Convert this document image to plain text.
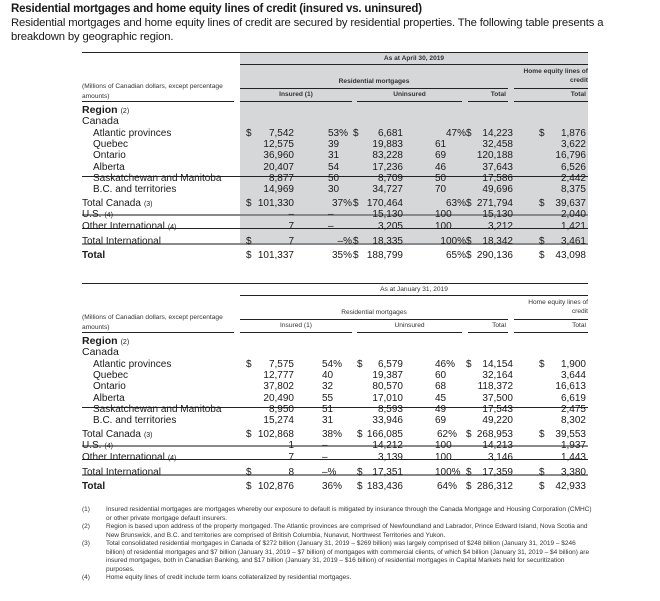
Residential mortgages and home equity lines of credit (insured vs. uninsured)
Residential mortgages and home equity lines of credit are secured by residential properties. The following table presents a breakdown by geographic region.
As at April 30, 2019
Residential mortgages
Home equity lines of credit
(Millions of Canadian dollars, except percentage amounts)	Insured (1)	Uninsured	Total	Total
Region (2)
Canada
Atlantic provinces	$	7,542	53% $	6,681	47% $	14,223	$	1,876
Quebec	12,575	39	19,883	61	32,458	3,622
Ontario	36,960	31	83,228	69	120,188	16,796
Alberta	20,407	54	17,236	46	37,643	6,526
Saskatchewan and Manitoba	8,877	50	8,709	50	17,586	2,442
B.C. and territories	14,969	30	34,727	70	49,696	8,375
Total Canada (3)	$ 101,330	37% $ 170,464	63% $ 271,794	$	39,637
U.S. (4)	–	–	15,130	100	15,130	2,040
Other International (4)	7	–	3,205	100	3,212	1,421
Total International	$	7	–% $	18,335	100% $	18,342	$	3,461
Total	$ 101,337	35% $ 188,799	65% $ 290,136	$	43,098
As at January 31, 2019
Residential mortgages
Home equity lines of credit
(Millions of Canadian dollars, except percentage amounts)	Insured (1)	Uninsured	Total	Total
Region (2)
Canada
Atlantic provinces	$	7,575	54% $	6,579	46% $	14,154	$	1,900
Quebec	12,777	40	19,387	60	32,164	3,644
Ontario	37,802	32	80,570	68	118,372	16,613
Alberta	20,490	55	17,010	45	37,500	6,619
Saskatchewan and Manitoba	8,950	51	8,593	49	17,543	2,475
B.C. and territories	15,274	31	33,946	69	49,220	8,302
Total Canada (3)	$ 102,868	38% $ 166,085	62% $ 268,953	$	39,553
U.S. (4)	1	–	14,212	100	14,213	1,937
Other International (4)	7	–	3,139	100	3,146	1,443
Total International	$	8	–% $ 17,351	100% $	17,359	$	3,380
Total	$ 102,876	36% $ 183,436	64% $ 286,312	$	42,933
(1) Insured residential mortgages are mortgages whereby our exposure to default is mitigated by insurance through the Canada Mortgage and Housing Corporation (CMHC) or other private mortgage default insurers.
(2) Region is based upon address of the property mortgaged. The Atlantic provinces are comprised of Newfoundland and Labrador, Prince Edward Island, Nova Scotia and New Brunswick, and B.C. and territories are comprised of British Columbia, Nunavut, Northwest Territories and Yukon.
(3) Total consolidated residential mortgages in Canada of $272 billion (January 31, 2019 – $269 billion) was largely comprised of $248 billion (January 31, 2019 – $246 billion) of residential mortgages and $7 billion (January 31, 2019 – $7 billion) of mortgages with commercial clients, of which $4 billion (January 31, 2019 – $4 billion) are insured mortgages, both in Canadian Banking, and $17 billion (January 31, 2019 – $16 billion) of residential mortgages in Capital Markets held for securitization purposes.
(4) Home equity lines of credit include term loans collateralized by residential mortgages.
